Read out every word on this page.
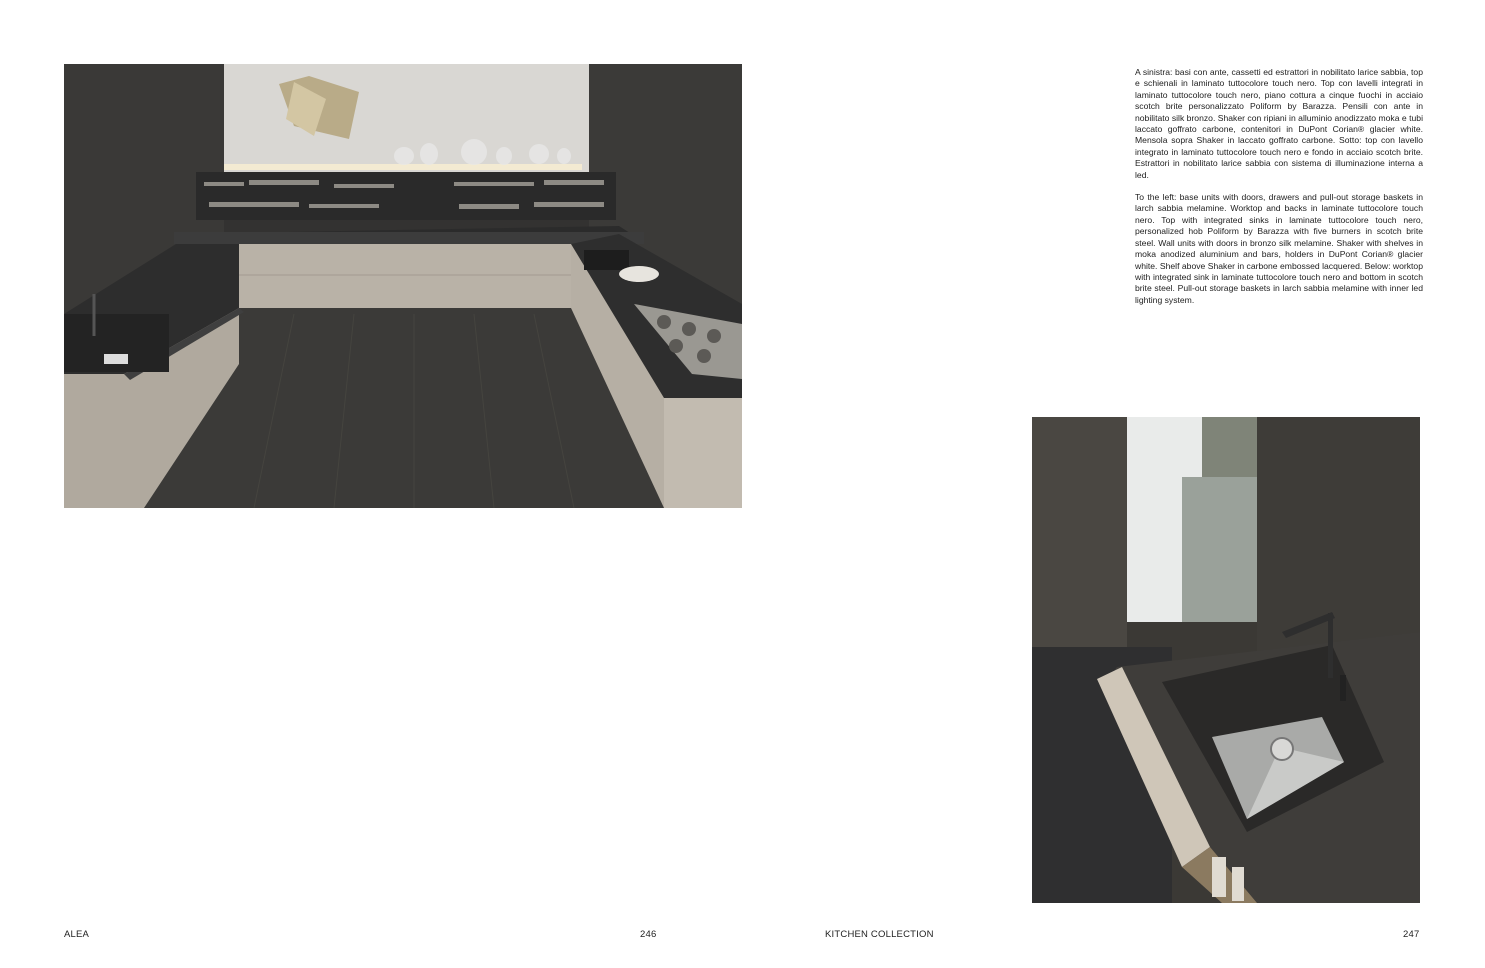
A sinistra: basi con ante, cassetti ed estrattori in nobilitato larice sabbia, top e schienali in laminato tuttocolore touch nero. Top con lavelli integrati in laminato tuttocolore touch nero, piano cottura a cinque fuochi in acciaio scotch brite personalizzato Poliform by Barazza. Pensili con ante in nobilitato silk bronzo. Shaker con ripiani in alluminio anodizzato moka e tubi laccato goffrato carbone, contenitori in DuPont Corian® glacier white. Mensola sopra Shaker in laccato goffrato carbone. Sotto: top con lavello integrato in laminato tuttocolore touch nero e fondo in acciaio scotch brite. Estrattori in nobilitato larice sabbia con sistema di illuminazione interna a led.

To the left: base units with doors, drawers and pull-out storage baskets in larch sabbia melamine. Worktop and backs in laminate tuttocolore touch nero. Top with integrated sinks in laminate tuttocolore touch nero, personalized hob Poliform by Barazza with five burners in scotch brite steel. Wall units with doors in bronzo silk melamine. Shaker with shelves in moka anodized aluminium and bars, holders in DuPont Corian® glacier white. Shelf above Shaker in carbone embossed lacquered. Below: worktop with integrated sink in laminate tuttocolore touch nero and bottom in scotch brite steel. Pull-out storage baskets in larch sabbia melamine with inner led lighting system.

ALEA	246	KITCHEN COLLECTION	247
